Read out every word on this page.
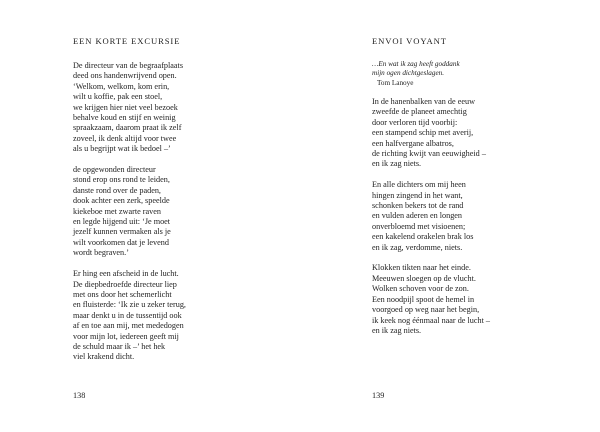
EEN KORTE EXCURSIE
De directeur van de begraafplaats
deed ons handenwrijvend open.
‘Welkom, welkom, kom erin,
wilt u koffie, pak een stoel,
we krijgen hier niet veel bezoek
behalve koud en stijf en weinig
spraakzaam, daarom praat ik zelf
zoveel, ik denk altijd voor twee
als u begrijpt wat ik bedoel –’
de opgewonden directeur
stond erop ons rond te leiden,
danste rond over de paden,
dook achter een zerk, speelde
kiekeboe met zwarte raven
en legde hijgend uit: ‘Je moet
jezelf kunnen vermaken als je
wilt voorkomen dat je levend
wordt begraven.’
Er hing een afscheid in de lucht.
De diepbedroefde directeur liep
met ons door het schemerlicht
en fluisterde: ‘Ik zie u zeker terug,
maar denkt u in de tussentijd ook
af en toe aan mij, met mededogen
voor mijn lot, iedereen geeft mij
de schuld maar ik –’ het hek
viel krakend dicht.
138
ENVOI VOYANT
…En wat ik zag heeft goddank
mijn ogen dichtgeslagen.
Tom Lanoye
In de hanenbalken van de eeuw
zweefde de planeet amechtig
door verloren tijd voorbij:
een stampend schip met averij,
een halfvergane albatros,
de richting kwijt van eeuwigheid –
en ik zag niets.
En alle dichters om mij heen
hingen zingend in het want,
schonken bekers tot de rand
en vulden aderen en longen
onverbloemd met visioenen;
een kakelend orakelen brak los
en ik zag, verdomme, niets.
Klokken tikten naar het einde.
Meeuwen sloegen op de vlucht.
Wolken schoven voor de zon.
Een noodpijl spoot de hemel in
voorgoed op weg naar het begin,
ik keek nog éénmaal naar de lucht –
en ik zag niets.
139
